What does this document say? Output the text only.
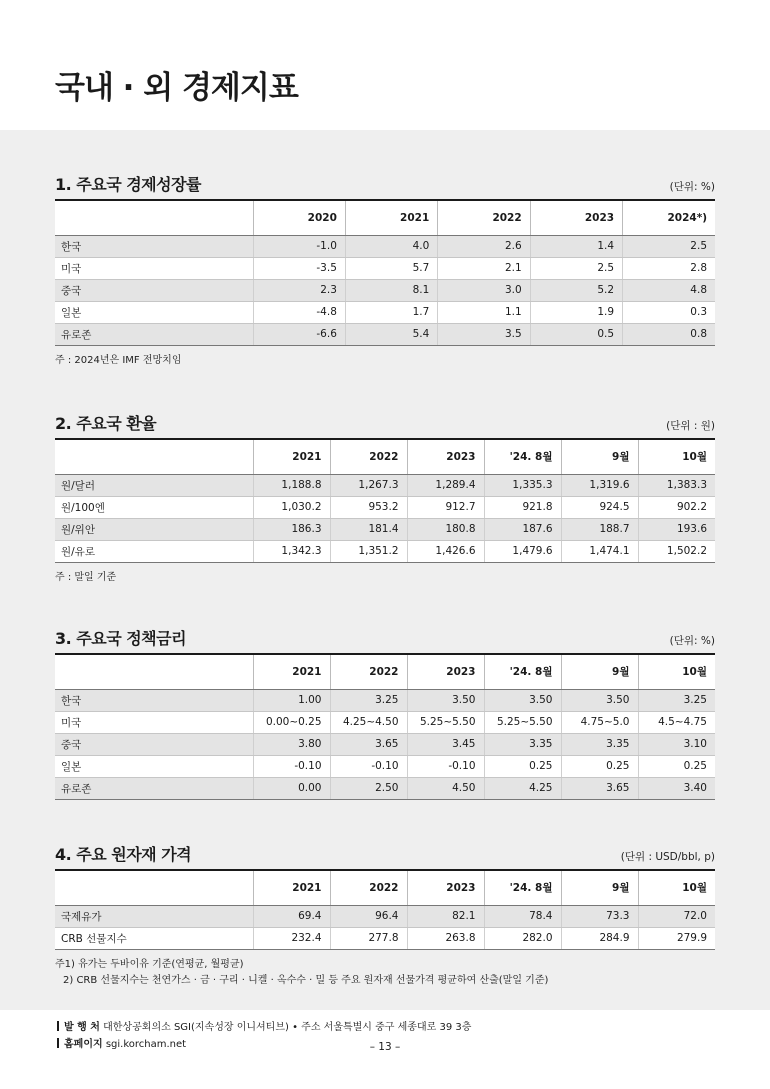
국내 · 외 경제지표
1. 주요국 경제성장률	(단위: %)
	2020	2021	2022	2023	2024*)
한국	-1.0	4.0	2.6	1.4	2.5
미국	-3.5	5.7	2.1	2.5	2.8
중국	2.3	8.1	3.0	5.2	4.8
일본	-4.8	1.7	1.1	1.9	0.3
유로존	-6.6	5.4	3.5	0.5	0.8
주 : 2024년은 IMF 전망치임
2. 주요국 환율	(단위 : 원)
	2021	2022	2023	'24. 8월	9월	10월
원/달러	1,188.8	1,267.3	1,289.4	1,335.3	1,319.6	1,383.3
원/100엔	1,030.2	953.2	912.7	921.8	924.5	902.2
원/위안	186.3	181.4	180.8	187.6	188.7	193.6
원/유로	1,342.3	1,351.2	1,426.6	1,479.6	1,474.1	1,502.2
주 : 말일 기준
3. 주요국 정책금리	(단위: %)
	2021	2022	2023	'24. 8월	9월	10월
한국	1.00	3.25	3.50	3.50	3.50	3.25
미국	0.00~0.25	4.25~4.50	5.25~5.50	5.25~5.50	4.75~5.0	4.5~4.75
중국	3.80	3.65	3.45	3.35	3.35	3.10
일본	-0.10	-0.10	-0.10	0.25	0.25	0.25
유로존	0.00	2.50	4.50	4.25	3.65	3.40
4. 주요 원자재 가격	(단위 : USD/bbl, p)
	2021	2022	2023	'24. 8월	9월	10월
국제유가	69.4	96.4	82.1	78.4	73.3	72.0
CRB 선물지수	232.4	277.8	263.8	282.0	284.9	279.9
주1) 유가는 두바이유 기준(연평균, 월평균)
2) CRB 선물지수는 천연가스 · 금 · 구리 · 니켈 · 옥수수 · 밀 등 주요 원자재 선물가격 평균하여 산출(말일 기준)
발 행 처 대한상공회의소 SGI(지속성장 이니셔티브) • 주소 서울특별시 중구 세종대로 39 3층
홈페이지 sgi.korcham.net	– 13 –
